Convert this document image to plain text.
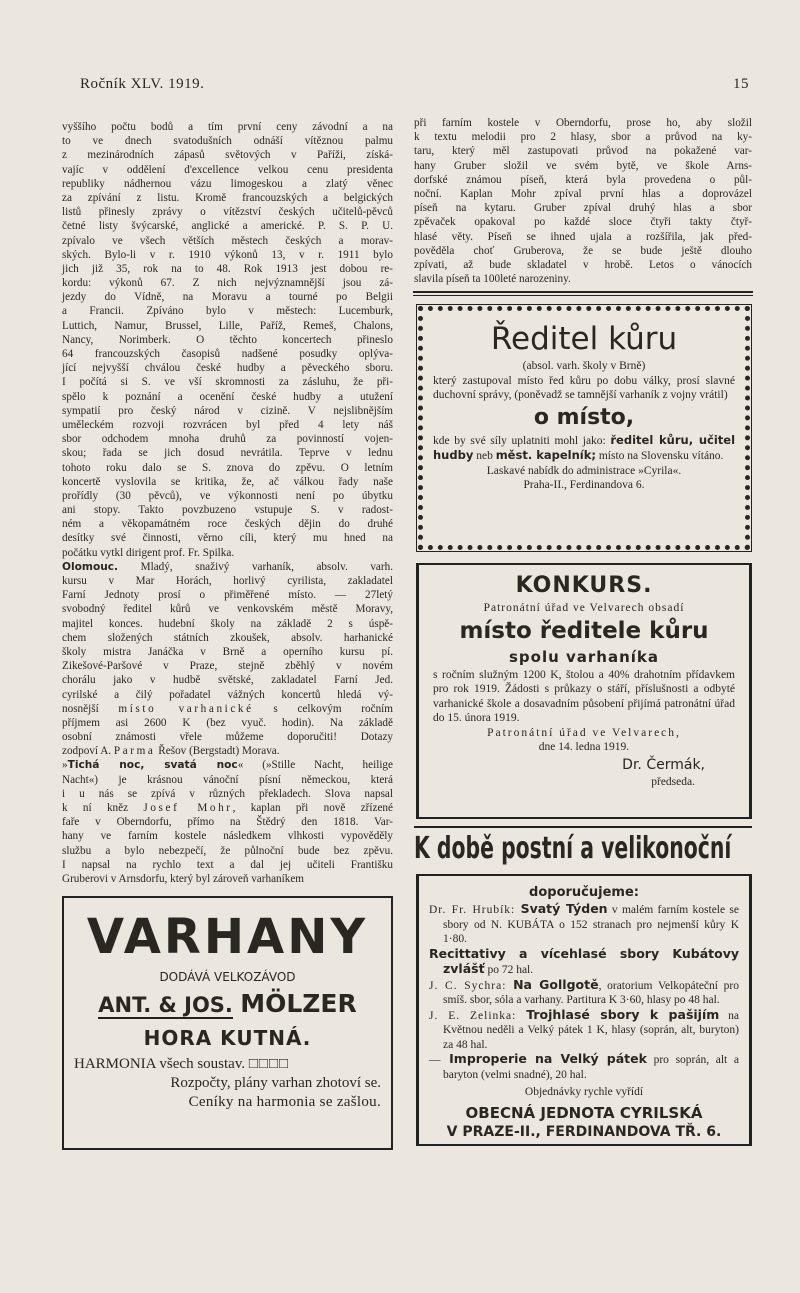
Ročník XLV. 1919.	15
vyššího počtu bodů a tím první ceny závodní a na
to ve dnech svatodušních odnáší vítěznou palmu
z mezinárodních zápasů světových v Paříži, získá-
vajíc v oddělení d'excellence velkou cenu presidenta
republiky nádhernou vázu limogeskou a zlatý věnec
za zpívání z listu. Kromě francouzských a belgických
listů přinesly zprávy o vítězství českých učitelů-pěvců
četné listy švýcarské, anglické a americké. P. S. P. U.
zpívalo ve všech větších městech českých a morav-
ských. Bylo-li v r. 1910 výkonů 13, v r. 1911 bylo
jich již 35, rok na to 48. Rok 1913 jest dobou re-
kordu: výkonů 67. Z nich nejvýznamnější jsou zá-
jezdy do Vídně, na Moravu a tourné po Belgii
a Francii. Zpíváno bylo v městech: Lucemburk,
Luttich, Namur, Brussel, Lille, Paříž, Remeš, Chalons,
Nancy, Norimberk. O těchto koncertech přineslo
64 francouzských časopisů nadšené posudky oplýva-
jící nejvyšší chválou české hudby a pěveckého sboru.
I počítá si S. ve vší skromnosti za zásluhu, že při-
spělo k poznání a ocenění české hudby a utužení
sympatií pro český národ v cizině. V nejslibnějším
uměleckém rozvoji rozvrácen byl před 4 lety náš
sbor odchodem mnoha druhů za povinností vojen-
skou; řada se jich dosud nevrátila. Teprve v lednu
tohoto roku dalo se S. znova do zpěvu. O letním
koncertě vyslovila se kritika, že, ač válkou řady naše
prořídly (30 pěvců), ve výkonnosti není po úbytku
ani stopy. Takto povzbuzeno vstupuje S. v radost-
ném a věkopamátném roce českých dějin do druhé
desítky své činnosti, věrno cíli, který mu hned na
počátku vytkl dirigent prof. Fr. Spilka.
Olomouc. Mladý, snaživý varhaník, absolv. varh.
kursu v Mar Horách, horlivý cyrilista, zakladatel
Farní Jednoty prosí o přiměřené místo. — 27letý
svobodný ředitel kůrů ve venkovském městě Moravy,
majitel konces. hudební školy na základě 2 s úspě-
chem složených státních zkoušek, absolv. harhanické
školy mistra Janáčka v Brně a operního kursu pí.
Zikešové-Paršové v Praze, stejně zběhlý v novém
chorálu jako v hudbě světské, zakladatel Farní Jed.
cyrilské a čilý pořadatel vážných koncertů hledá vý-
nosnější místo varhanické s celkovým ročním
příjmem asi 2600 K (bez vyuč. hodin). Na základě
osobní známosti vřele můžeme doporučiti! Dotazy
zodpoví A. Parma Řešov (Bergstadt) Morava.
»Tichá noc, svatá noc« (»Stille Nacht, heilige
Nacht«) je krásnou vánoční písní německou, která
i u nás se zpívá v různých překladech. Slova napsal
k ní kněz Josef Mohr, kaplan při nově zřízené
faře v Oberndorfu, přímo na Štědrý den 1818. Var-
hany ve farním kostele následkem vlhkosti vypověděly
službu a bylo nebezpečí, že půlnoční bude bez zpěvu.
I napsal na rychlo text a dal jej učiteli Františku
Gruberovi v Arnsdorfu, který byl zároveň varhaníkem
při farním kostele v Oberndorfu, prose ho, aby složil
k textu melodii pro 2 hlasy, sbor a průvod na ky-
taru, který měl zastupovati průvod na pokažené var-
hany Gruber složil ve svém bytě, ve škole Arns-
dorfské známou píseň, která byla provedena o půl-
noční. Kaplan Mohr zpíval první hlas a doprovázel
píseň na kytaru. Gruber zpíval druhý hlas a sbor
zpěvaček opakoval po každé sloce čtyři takty čtyř-
hlasé věty. Píseň se ihned ujala a rozšířila, jak před-
pověděla choť Gruberova, že se bude ještě dlouho
zpívati, až bude skladatel v hrobě. Letos o vánocích
slavila píseň ta 100leté narozeniny.
Ředitel kůru
(absol. varh. školy v Brně)
který zastupoval místo řed kůru po dobu války, prosí slavné duchovní správy, (poněvadž se tamnější varhaník z vojny vrátil)
o místo,
kde by své síly uplatniti mohl jako: ředitel kůru, učitel hudby neb měst. kapelník; místo na Slovensku vítáno.
Laskavé nabídk do administrace »Cyrila«.
Praha-II., Ferdinandova 6.
KONKURS.
Patronátní úřad ve Velvarech obsadí
místo ředitele kůru
spolu varhaníka
s ročním služným 1200 K, štolou a 40% drahotním přídavkem pro rok 1919. Žádosti s průkazy o stáří, příslušnosti a odbyté varhanické škole a dosavadním působení přijímá patronátní úřad do 15. února 1919.
Patronátní úřad ve Velvarech,
dne 14. ledna 1919.
Dr. Čermák,
předseda.
K době postní a velikonoční
doporučujeme:
Dr. Fr. Hrubík: Svatý Týden v malém farním kostele se sbory od N. KUBÁTA o 152 stranach pro nejmenší kůry K 1·80.
Recittativy a vícehlasé sbory Kubátovy zvlášť po 72 hal.
J. C. Sychra: Na Gollgotě, oratorium Velkopáteční pro smíš. sbor, sóla a varhany. Partitura K 3·60, hlasy po 48 hal.
J. E. Zelinka: Trojhlasé sbory k pašijím na Květnou neděli a Velký pátek 1 K, hlasy (soprán, alt, buryton) za 48 hal.
— Improperie na Velký pátek pro soprán, alt a baryton (velmi snadné), 20 hal.
Objednávky rychle vyřídí
OBECNÁ JEDNOTA CYRILSKÁ
V PRAZE-II., FERDINANDOVA TŘ. 6.
VARHANY
DODÁVÁ VELKOZÁVOD
ANT. & JOS. MÖLZER
HORA KUTNÁ.
HARMONIA všech soustav. □□□□
Rozpočty, plány varhan zhotoví se.
Ceníky na harmonia se zašlou.
